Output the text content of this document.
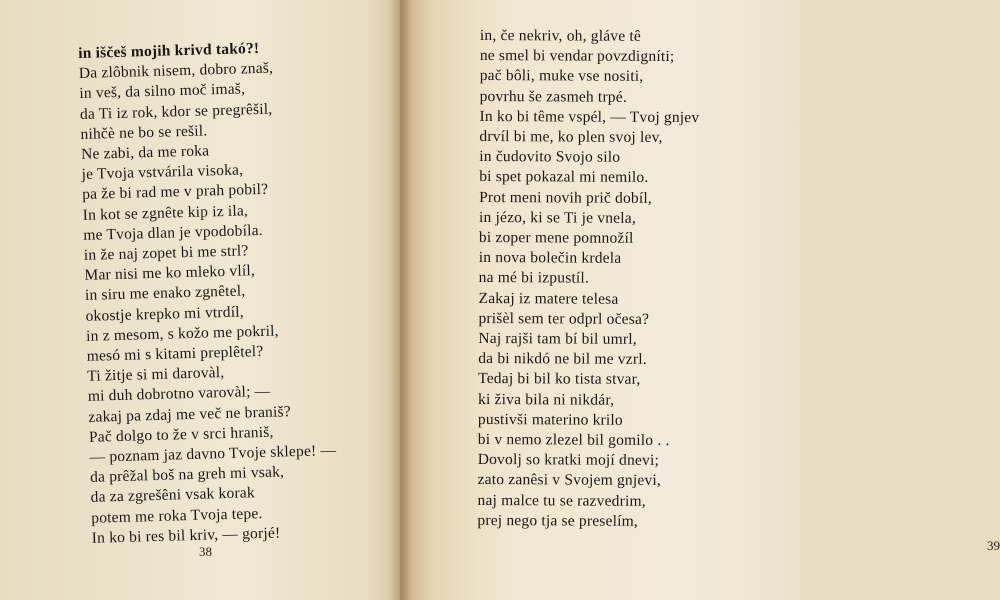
in iščeš mojih krivd takó?!
Da zlôbnik nisem, dobro znaš,
in veš, da silno moč imaš,
da Ti iz rok, kdor se pregrêšil,
nihčè ne bo se rešil.
Ne zabi, da me roka
je Tvoja vstvárila visoka,
pa že bi rad me v prah pobil?
In kot se zgnête kip iz ila,
me Tvoja dlan je vpodobíla.
in že naj zopet bi me strl?
Mar nisi me ko mleko vlíl,
in siru me enako zgnêtel,
okostje krepko mi vtrdíl,
in z mesom, s kožo me pokril,
mesó mi s kitami preplêtel?
Ti žitje si mi darovàl,
mi duh dobrotno varovàl; —
zakaj pa zdaj me več ne braniš?
Pač dolgo to že v srci hraniš,
— poznam jaz davno Tvoje sklepe! —
da prêžal boš na greh mi vsak,
da za zgrešêni vsak korak
potem me roka Tvoja tepe.
In ko bi res bil kriv, — gorjé!
38	39
in, če nekriv, oh, gláve tê
ne smel bi vendar povzdigníti;
pač bôli, muke vse nositi,
povrhu še zasmeh trpé.
In ko bi tême vspél, — Tvoj gnjev
drvíl bi me, ko plen svoj lev,
in čudovito Svojo silo
bi spet pokazal mi nemilo.
Prot meni novih prič dobíl,
in jézo, ki se Ti je vnela,
bi zoper mene pomnožíl
in nova bolečin krdela
na mé bi izpustíl.
Zakaj iz matere telesa
prišèl sem ter odprl očesa?
Naj rajši tam bí bil umrl,
da bi nikdó ne bil me vzrl.
Tedaj bi bil ko tista stvar,
ki živa bila ni nikdár,
pustivši materino krilo
bi v nemo zlezel bil gomilo . .
Dovolj so kratki mojí dnevi;
zato zanêsi v Svojem gnjevi,
naj malce tu se razvedrim,
prej nego tja se preselím,
